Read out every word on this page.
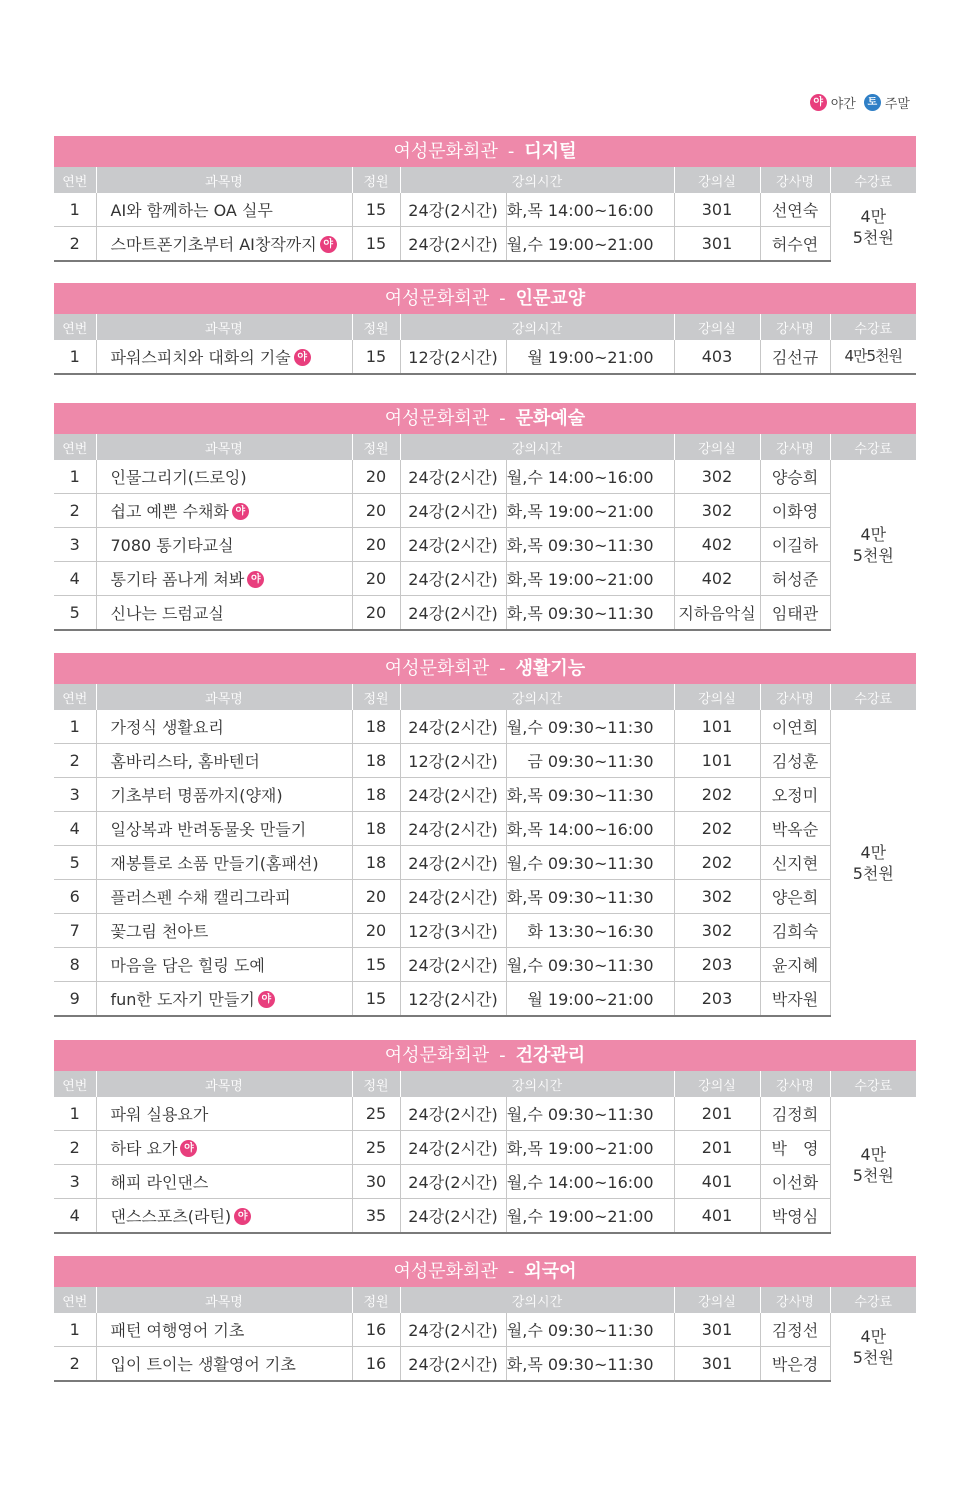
야 야간	토 주말
여성문화회관 - 디지털
연번	과목명	정원	강의시간		강의실	강사명	수강료
1	AI와 함께하는 OA 실무	15	24강(2시간)	화,목 14:00~16:00	301	선연숙	4만
5천원

2	스마트폰기초부터 AI창작까지 야	15	24강(2시간)	월,수 19:00~21:00	301	허수연	
여성문화회관 - 인문교양
연번	과목명	정원	강의시간		강의실	강사명	수강료
1	파워스피치와 대화의 기술 야	15	12강(2시간)	월 19:00~21:00	403	김선규	4만5천원
여성문화회관 - 문화예술
연번	과목명	정원	강의시간		강의실	강사명	수강료
1	인물그리기(드로잉)	20	24강(2시간)	월,수 14:00~16:00	302	양승희	4만
5천원

2	쉽고 예쁜 수채화 야	20	24강(2시간)	화,목 19:00~21:00	302	이화영	
3	7080 통기타교실	20	24강(2시간)	화,목 09:30~11:30	402	이길하	
4	통기타 폼나게 쳐봐 야	20	24강(2시간)	화,목 19:00~21:00	402	허성준	
5	신나는 드럼교실	20	24강(2시간)	화,목 09:30~11:30	지하음악실	임태관	
여성문화회관 - 생활기능
연번	과목명	정원	강의시간		강의실	강사명	수강료
1	가정식 생활요리	18	24강(2시간)	월,수 09:30~11:30	101	이연희	4만
5천원

2	홈바리스타, 홈바텐더	18	12강(2시간)	금 09:30~11:30	101	김성훈	
3	기초부터 명품까지(양재)	18	24강(2시간)	화,목 09:30~11:30	202	오정미	
4	일상복과 반려동물옷 만들기	18	24강(2시간)	화,목 14:00~16:00	202	박옥순	
5	재봉틀로 소품 만들기(홈패션)	18	24강(2시간)	월,수 09:30~11:30	202	신지현	
6	플러스펜 수채 캘리그라피	20	24강(2시간)	화,목 09:30~11:30	302	양은희	
7	꽃그림 천아트	20	12강(3시간)	화 13:30~16:30	302	김희숙	
8	마음을 담은 힐링 도예	15	24강(2시간)	월,수 09:30~11:30	203	윤지혜	
9	fun한 도자기 만들기 야	15	12강(2시간)	월 19:00~21:00	203	박자원	
여성문화회관 - 건강관리
연번	과목명	정원	강의시간		강의실	강사명	수강료
1	파워 실용요가	25	24강(2시간)	월,수 09:30~11:30	201	김정희	4만
5천원

2	하타 요가 야	25	24강(2시간)	화,목 19:00~21:00	201	박　영	
3	해피 라인댄스	30	24강(2시간)	월,수 14:00~16:00	401	이선화	
4	댄스스포츠(라틴) 야	35	24강(2시간)	월,수 19:00~21:00	401	박영심	
여성문화회관 - 외국어
연번	과목명	정원	강의시간		강의실	강사명	수강료
1	패턴 여행영어 기초	16	24강(2시간)	월,수 09:30~11:30	301	김정선	4만
5천원

2	입이 트이는 생활영어 기초	16	24강(2시간)	화,목 09:30~11:30	301	박은경	
